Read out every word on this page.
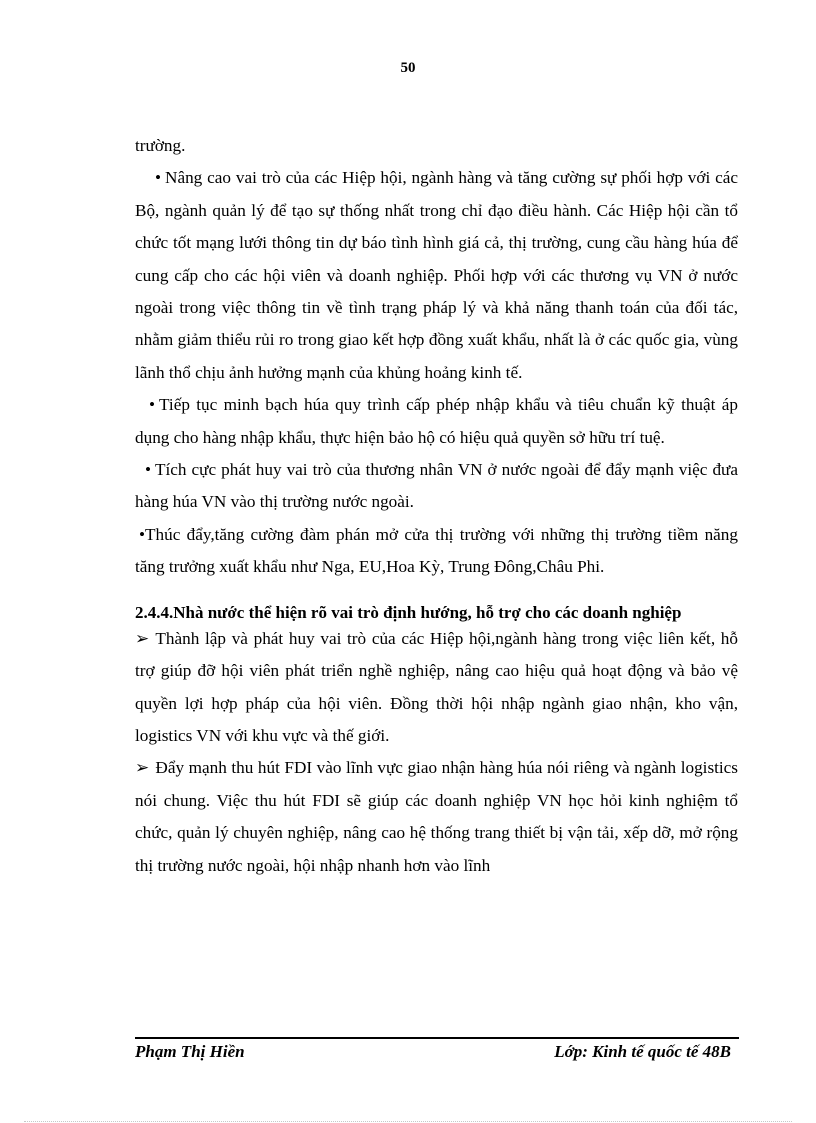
50

trường.

• Nâng cao vai trò của các Hiệp hội, ngành hàng và tăng cường sự phối hợp với các Bộ, ngành quản lý để tạo sự thống nhất trong chỉ đạo điều hành. Các Hiệp hội cần tổ chức tốt mạng lưới thông tin dự báo tình hình giá cả, thị trường, cung cầu hàng húa để cung cấp cho các hội viên và doanh nghiệp. Phối hợp với các thương vụ VN ở nước ngoài trong việc thông tin về tình trạng pháp lý và khả năng thanh toán của đối tác, nhằm giảm thiểu rủi ro trong giao kết hợp đồng xuất khẩu, nhất là ở các quốc gia, vùng lãnh thổ chịu ảnh hưởng mạnh của khủng hoảng kinh tế.

• Tiếp tục minh bạch húa quy trình cấp phép nhập khẩu và tiêu chuẩn kỹ thuật áp dụng cho hàng nhập khẩu, thực hiện bảo hộ có hiệu quả quyền sở hữu trí tuệ.

• Tích cực phát huy vai trò của thương nhân VN ở nước ngoài để đẩy mạnh việc đưa hàng húa VN vào thị trường nước ngoài.

•Thúc đẩy,tăng cường đàm phán mở cửa thị trường với những thị trường tiềm năng tăng trưởng xuất khẩu như Nga, EU,Hoa Kỳ, Trung Đông,Châu Phi.

2.4.4.Nhà nước thể hiện rõ vai trò định hướng, hỗ trợ cho các doanh nghiệp

➢ Thành lập và phát huy vai trò của các Hiệp hội,ngành hàng trong việc liên kết, hỗ trợ giúp đỡ hội viên phát triển nghề nghiệp, nâng cao hiệu quả hoạt động và bảo vệ quyền lợi hợp pháp của hội viên. Đồng thời hội nhập ngành giao nhận, kho vận, logistics VN với khu vực và thế giới.

➢ Đẩy mạnh thu hút FDI vào lĩnh vực giao nhận hàng húa nói riêng và ngành logistics nói chung. Việc thu hút FDI sẽ giúp các doanh nghiệp VN học hỏi kinh nghiệm tổ chức, quản lý chuyên nghiệp, nâng cao hệ thống trang thiết bị vận tải, xếp dỡ, mở rộng thị trường nước ngoài, hội nhập nhanh hơn vào lĩnh

Phạm Thị Hiền	Lớp: Kinh tế quốc tế 48B
